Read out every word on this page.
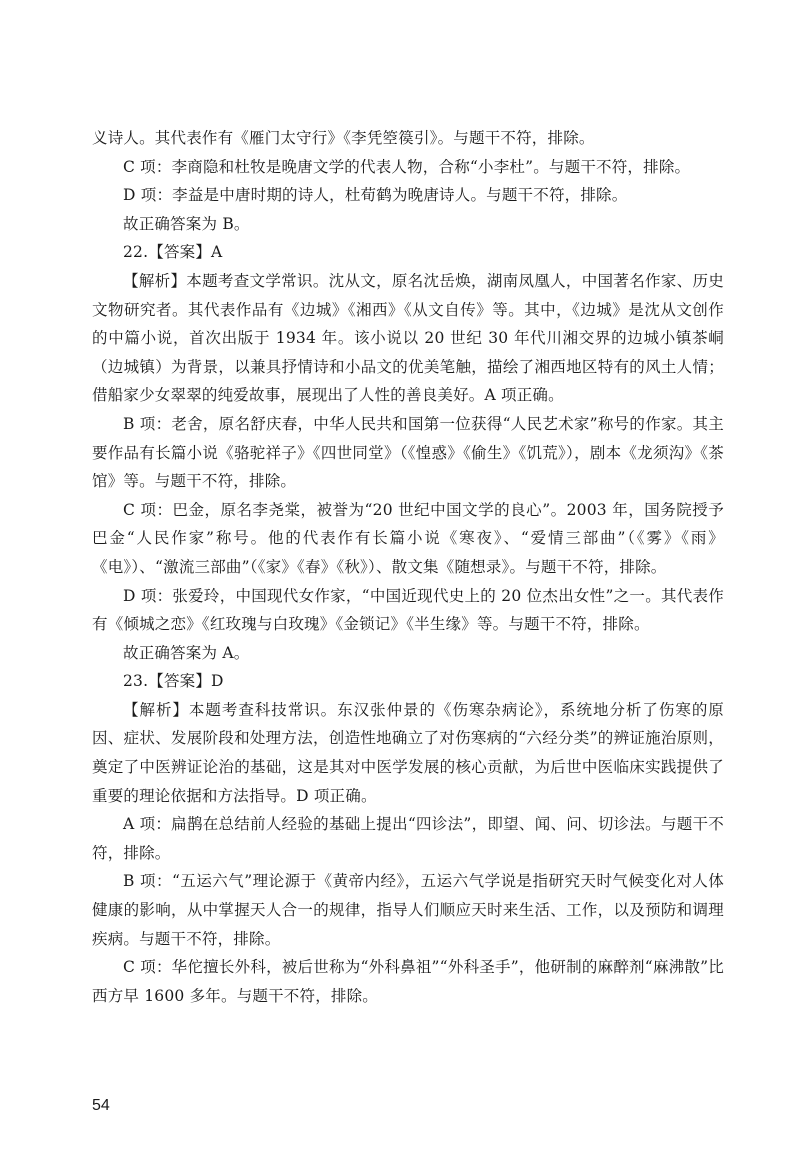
义诗人。其代表作有《雁门太守行》《李凭箜篌引》。与题干不符，排除。

C 项：李商隐和杜牧是晚唐文学的代表人物，合称“小李杜”。与题干不符，排除。

D 项：李益是中唐时期的诗人，杜荀鹤为晚唐诗人。与题干不符，排除。

故正确答案为 B。

22.【答案】A

【解析】本题考查文学常识。沈从文，原名沈岳焕，湖南凤凰人，中国著名作家、历史文物研究者。其代表作品有《边城》《湘西》《从文自传》等。其中，《边城》是沈从文创作的中篇小说，首次出版于 1934 年。该小说以 20 世纪 30 年代川湘交界的边城小镇茶峒（边城镇）为背景，以兼具抒情诗和小品文的优美笔触，描绘了湘西地区特有的风土人情；借船家少女翠翠的纯爱故事，展现出了人性的善良美好。A 项正确。

B 项：老舍，原名舒庆春，中华人民共和国第一位获得“人民艺术家”称号的作家。其主要作品有长篇小说《骆驼祥子》《四世同堂》（《惶惑》《偷生》《饥荒》），剧本《龙须沟》《茶馆》等。与题干不符，排除。

C 项：巴金，原名李尧棠，被誉为“20 世纪中国文学的良心”。2003 年，国务院授予巴金“人民作家”称号。他的代表作有长篇小说《寒夜》、“爱情三部曲”（《雾》《雨》《电》）、“激流三部曲”（《家》《春》《秋》）、散文集《随想录》。与题干不符，排除。

D 项：张爱玲，中国现代女作家，“中国近现代史上的 20 位杰出女性”之一。其代表作有《倾城之恋》《红玫瑰与白玫瑰》《金锁记》《半生缘》等。与题干不符，排除。

故正确答案为 A。

23.【答案】D

【解析】本题考查科技常识。东汉张仲景的《伤寒杂病论》，系统地分析了伤寒的原因、症状、发展阶段和处理方法，创造性地确立了对伤寒病的“六经分类”的辨证施治原则，奠定了中医辨证论治的基础，这是其对中医学发展的核心贡献，为后世中医临床实践提供了重要的理论依据和方法指导。D 项正确。

A 项：扁鹊在总结前人经验的基础上提出“四诊法”，即望、闻、问、切诊法。与题干不符，排除。

B 项：“五运六气”理论源于《黄帝内经》，五运六气学说是指研究天时气候变化对人体健康的影响，从中掌握天人合一的规律，指导人们顺应天时来生活、工作，以及预防和调理疾病。与题干不符，排除。

C 项：华佗擅长外科，被后世称为“外科鼻祖”“外科圣手”，他研制的麻醉剂“麻沸散”比西方早 1600 多年。与题干不符，排除。

54
